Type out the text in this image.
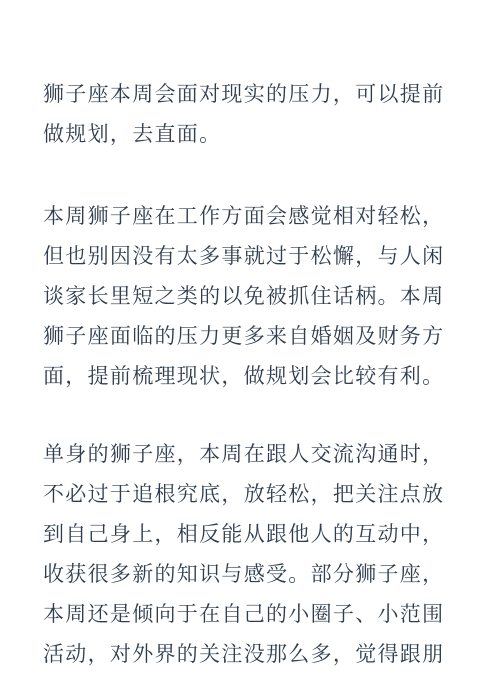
狮子座本周会面对现实的压力，可以提前
做规划，去直面。
本周狮子座在工作方面会感觉相对轻松，
但也别因没有太多事就过于松懈，与人闲
谈家长里短之类的以免被抓住话柄。本周
狮子座面临的压力更多来自婚姻及财务方
面，提前梳理现状，做规划会比较有利。
单身的狮子座，本周在跟人交流沟通时，
不必过于追根究底，放轻松，把关注点放
到自己身上，相反能从跟他人的互动中，
收获很多新的知识与感受。部分狮子座，
本周还是倾向于在自己的小圈子、小范围
活动，对外界的关注没那么多，觉得跟朋
